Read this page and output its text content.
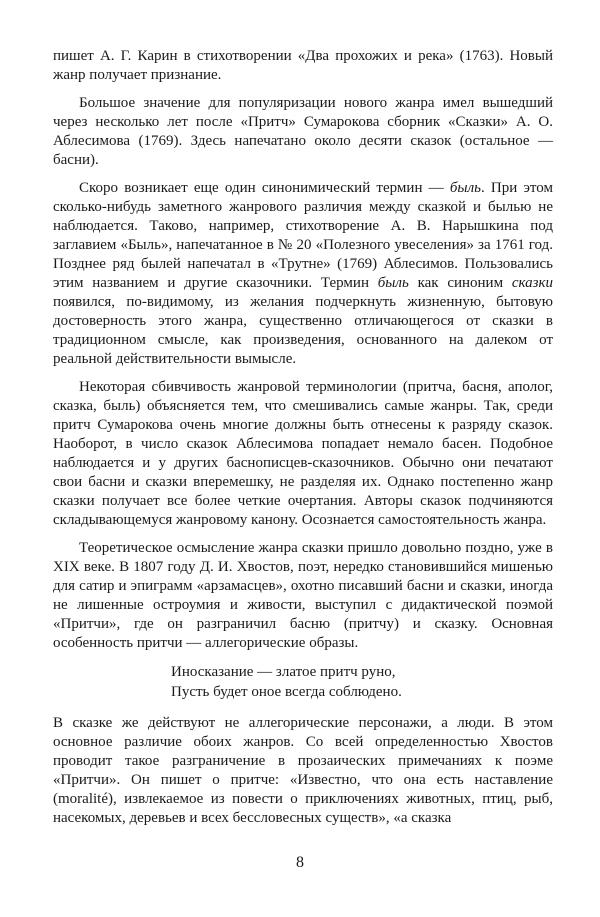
пишет А. Г. Карин в стихотворении «Два прохожих и река» (1763). Новый жанр получает признание.

Большое значение для популяризации нового жанра имел вышедший через несколько лет после «Притч» Сумарокова сборник «Сказки» А. О. Аблесимова (1769). Здесь напечатано около десяти сказок (остальное — басни).

Скоро возникает еще один синонимический термин — быль. При этом сколько-нибудь заметного жанрового различия между сказкой и былью не наблюдается. Таково, например, стихотворение А. В. Нарышкина под заглавием «Быль», напечатанное в № 20 «Полезного увеселения» за 1761 год. Позднее ряд былей напечатал в «Трутне» (1769) Аблесимов. Пользовались этим названием и другие сказочники. Термин быль как синоним сказки появился, по-видимому, из желания подчеркнуть жизненную, бытовую достоверность этого жанра, существенно отличающегося от сказки в традиционном смысле, как произведения, основанного на далеком от реальной действительности вымысле.

Некоторая сбивчивость жанровой терминологии (притча, басня, аполог, сказка, быль) объясняется тем, что смешивались самые жанры. Так, среди притч Сумарокова очень многие должны быть отнесены к разряду сказок. Наоборот, в число сказок Аблесимова попадает немало басен. Подобное наблюдается и у других баснописцев-сказочников. Обычно они печатают свои басни и сказки вперемешку, не разделяя их. Однако постепенно жанр сказки получает все более четкие очертания. Авторы сказок подчиняются складывающемуся жанровому канону. Осознается самостоятельность жанра.

Теоретическое осмысление жанра сказки пришло довольно поздно, уже в XIX веке. В 1807 году Д. И. Хвостов, поэт, нередко становившийся мишенью для сатир и эпиграмм «арзамасцев», охотно писавший басни и сказки, иногда не лишенные остроумия и живости, выступил с дидактической поэмой «Притчи», где он разграничил басню (притчу) и сказку. Основная особенность притчи — аллегорические образы.

Иносказание — златое притч руно,
Пусть будет оное всегда соблюдено.

В сказке же действуют не аллегорические персонажи, а люди. В этом основное различие обоих жанров. Со всей определенностью Хвостов проводит такое разграничение в прозаических примечаниях к поэме «Притчи». Он пишет о притче: «Известно, что она есть наставление (moralité), извлекаемое из повести о приключениях животных, птиц, рыб, насекомых, деревьев и всех бессловесных существ», «а сказка

8
